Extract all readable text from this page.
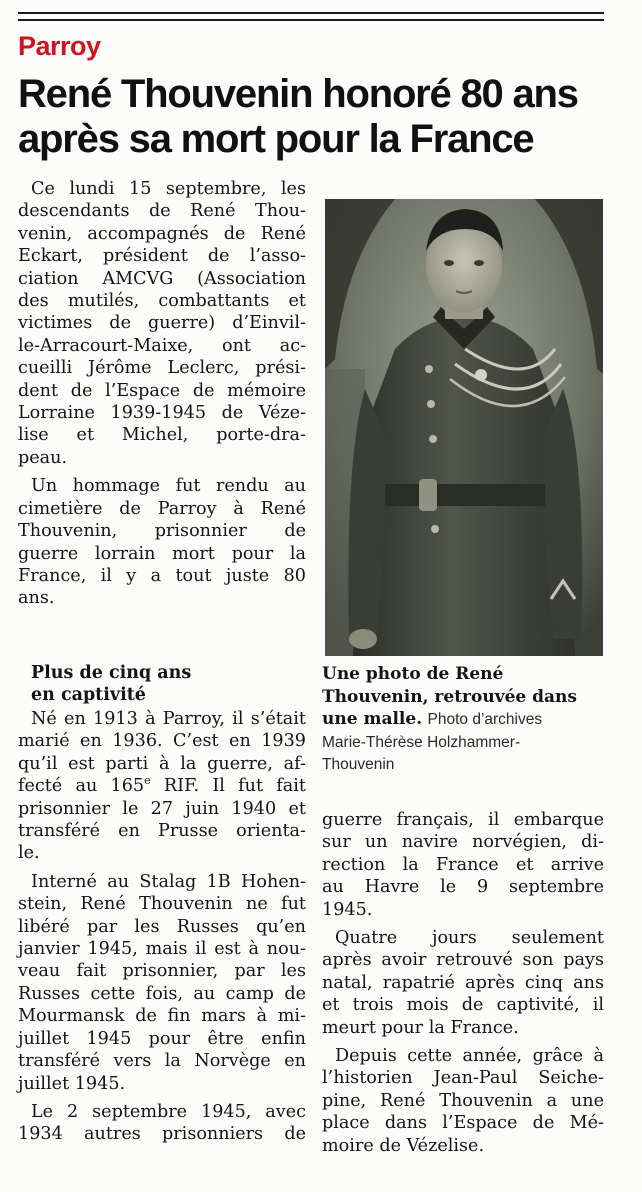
Parroy
René Thouvenin honoré 80 ans
après sa mort pour la France

Ce lundi 15 septembre, les
descendants de René Thou-
venin, accompagnés de René
Eckart, président de l’asso-
ciation AMCVG (Association
des mutilés, combattants et
victimes de guerre) d’Einvil-
le-Arracourt-Maixe, ont ac-
cueilli Jérôme Leclerc, prési-
dent de l’Espace de mémoire
Lorraine 1939-1945 de Véze-
lise et Michel, porte-dra-
peau.

Un hommage fut rendu au
cimetière de Parroy à René
Thouvenin, prisonnier de
guerre lorrain mort pour la
France, il y a tout juste 80
ans.

Une photo de René
Thouvenin, retrouvée dans
une malle. Photo d’archives
Marie-Thérèse Holzhammer-
Thouvenin
Plus de cinq ans
en captivité

Né en 1913 à Parroy, il s’était
marié en 1936. C’est en 1939
qu’il est parti à la guerre, af-
fecté au 165e RIF. Il fut fait
prisonnier le 27 juin 1940 et
transféré en Prusse orienta-
le.

Interné au Stalag 1B Hohen-
stein, René Thouvenin ne fut
libéré par les Russes qu’en
janvier 1945, mais il est à nou-
veau fait prisonnier, par les
Russes cette fois, au camp de
Mourmansk de fin mars à mi-
juillet 1945 pour être enfin
transféré vers la Norvège en
juillet 1945.

Le 2 septembre 1945, avec
1934 autres prisonniers de

guerre français, il embarque
sur un navire norvégien, di-
rection la France et arrive
au Havre le 9 septembre
1945.

Quatre jours seulement
après avoir retrouvé son pays
natal, rapatrié après cinq ans
et trois mois de captivité, il
meurt pour la France.

Depuis cette année, grâce à
l’historien Jean-Paul Seiche-
pine, René Thouvenin a une
place dans l’Espace de Mé-
moire de Vézelise.
